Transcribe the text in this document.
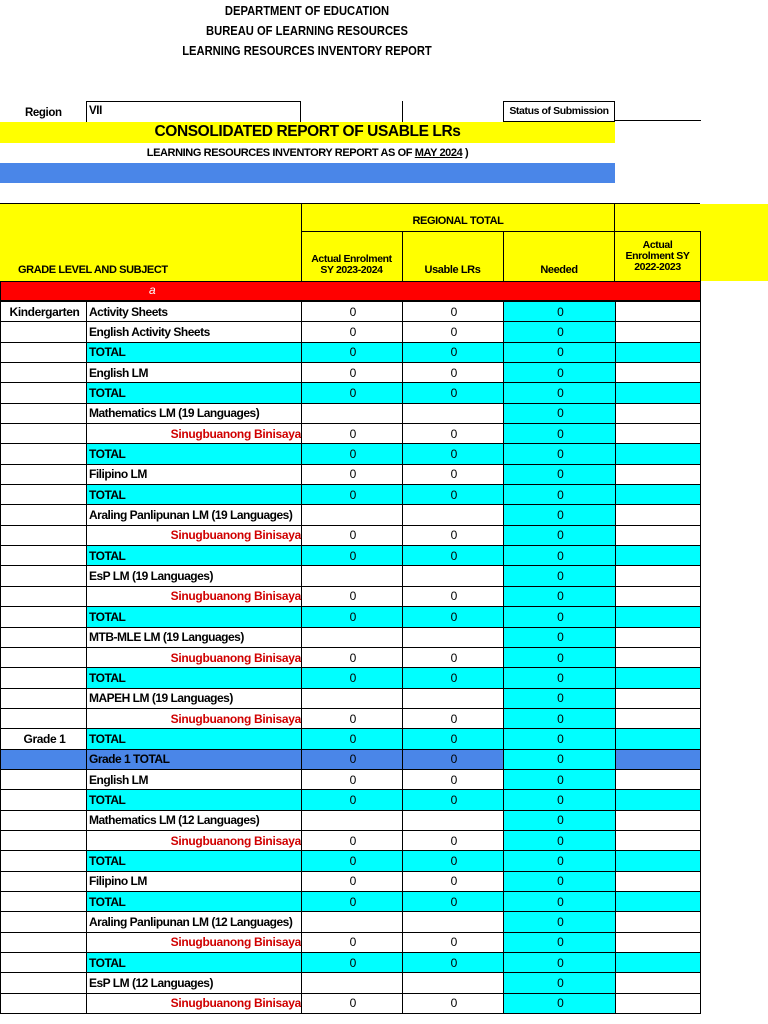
DEPARTMENT OF EDUCATION
BUREAU OF LEARNING RESOURCES
LEARNING RESOURCES INVENTORY REPORT
Region VII	Status of Submission
CONSOLIDATED REPORT OF USABLE LRs
LEARNING RESOURCES INVENTORY REPORT AS OF MAY 2024 )
GRADE LEVEL AND SUBJECT
REGIONAL TOTAL
Actual Enrolment
SY 2023-2024	Usable LRs	Needed
Actual
Enrolment SY
2022-2023
a
Kindergarten	Activity Sheets	0	0	0	
	English Activity Sheets	0	0	0	
	TOTAL	0	0	0	
	English LM	0	0	0	
	TOTAL	0	0	0	
	Mathematics LM (19 Languages)			0	
	Sinugbuanong Binisaya	0	0	0	
	TOTAL	0	0	0	
	Filipino LM	0	0	0	
	TOTAL	0	0	0	
	Araling Panlipunan LM (19 Languages)			0	
	Sinugbuanong Binisaya	0	0	0	
	TOTAL	0	0	0	
	EsP LM (19 Languages)			0	
	Sinugbuanong Binisaya	0	0	0	
	TOTAL	0	0	0	
	MTB-MLE LM (19 Languages)			0	
	Sinugbuanong Binisaya	0	0	0	
	TOTAL	0	0	0	
	MAPEH LM (19 Languages)			0	
	Sinugbuanong Binisaya	0	0	0	
Grade 1	TOTAL	0	0	0	
	Grade 1 TOTAL	0	0	0	
	English LM	0	0	0	
	TOTAL	0	0	0	
	Mathematics LM (12 Languages)			0	
	Sinugbuanong Binisaya	0	0	0	
	TOTAL	0	0	0	
	Filipino LM	0	0	0	
	TOTAL	0	0	0	
	Araling Panlipunan LM (12 Languages)			0	
	Sinugbuanong Binisaya	0	0	0	
	TOTAL	0	0	0	
	EsP LM (12 Languages)			0	
	Sinugbuanong Binisaya	0	0	0	
